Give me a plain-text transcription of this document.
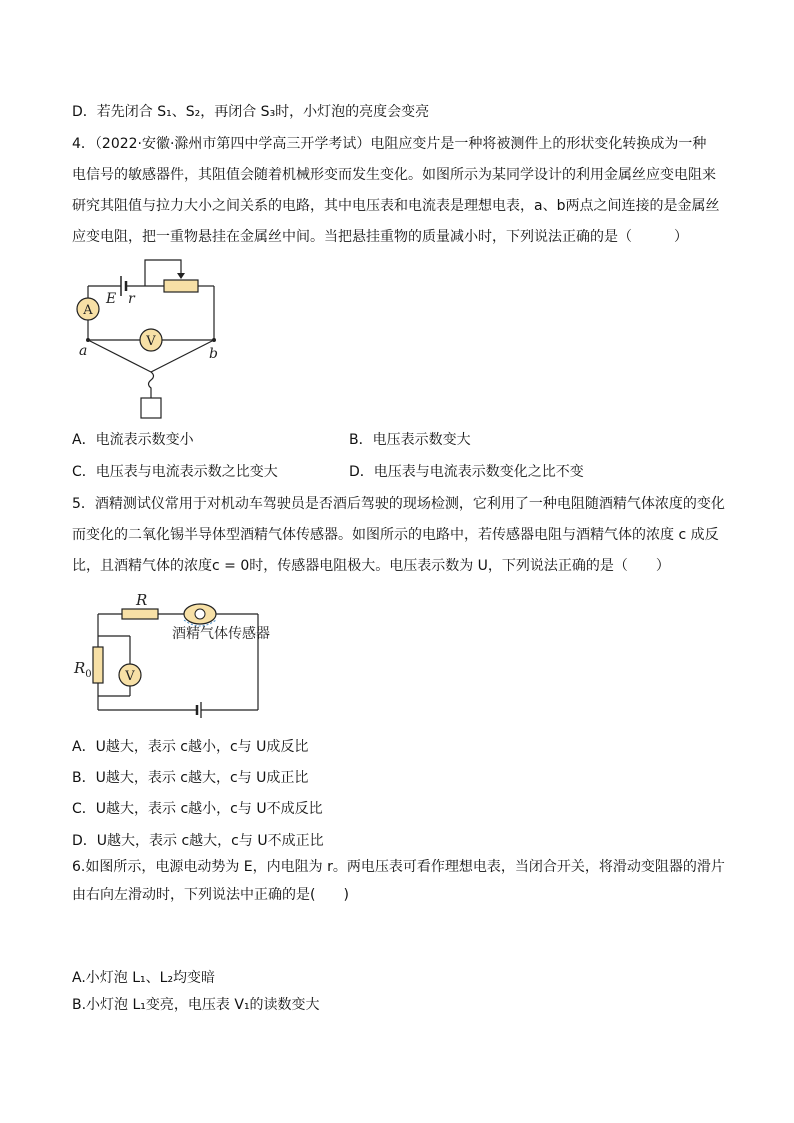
D．若先闭合 S₁、S₂，再闭合 S₃时，小灯泡的亮度会变亮
4．（2022·安徽·滁州市第四中学高三开学考试）电阻应变片是一种将被测件上的形状变化转换成为一种
电信号的敏感器件，其阻值会随着机械形变而发生变化。如图所示为某同学设计的利用金属丝应变电阻来
研究其阻值与拉力大小之间关系的电路，其中电压表和电流表是理想电表，a、b两点之间连接的是金属丝
应变电阻，把一重物悬挂在金属丝中间。当把悬挂重物的质量减小时，下列说法正确的是（　　　）
A
V
E r
a	b
A．电流表示数变小	B．电压表示数变大
C．电压表与电流表示数之比变大	D．电压表与电流表示数变化之比不变
5．酒精测试仪常用于对机动车驾驶员是否酒后驾驶的现场检测，它利用了一种电阻随酒精气体浓度的变化
而变化的二氧化锡半导体型酒精气体传感器。如图所示的电路中，若传感器电阻与酒精气体的浓度 c 成反
比，且酒精气体的浓度c = 0时，传感器电阻极大。电压表示数为 U，下列说法正确的是（　　）
V
R
$R_0$
酒精气体传感器
A．U越大，表示 c越小，c与 U成反比
B．U越大，表示 c越大，c与 U成正比
C．U越大，表示 c越小，c与 U不成反比
D．U越大，表示 c越大，c与 U不成正比
6.如图所示，电源电动势为 E，内电阻为 r。两电压表可看作理想电表，当闭合开关，将滑动变阻器的滑片
由右向左滑动时，下列说法中正确的是(　　)
A.小灯泡 L₁、L₂均变暗
B.小灯泡 L₁变亮，电压表 V₁的读数变大
